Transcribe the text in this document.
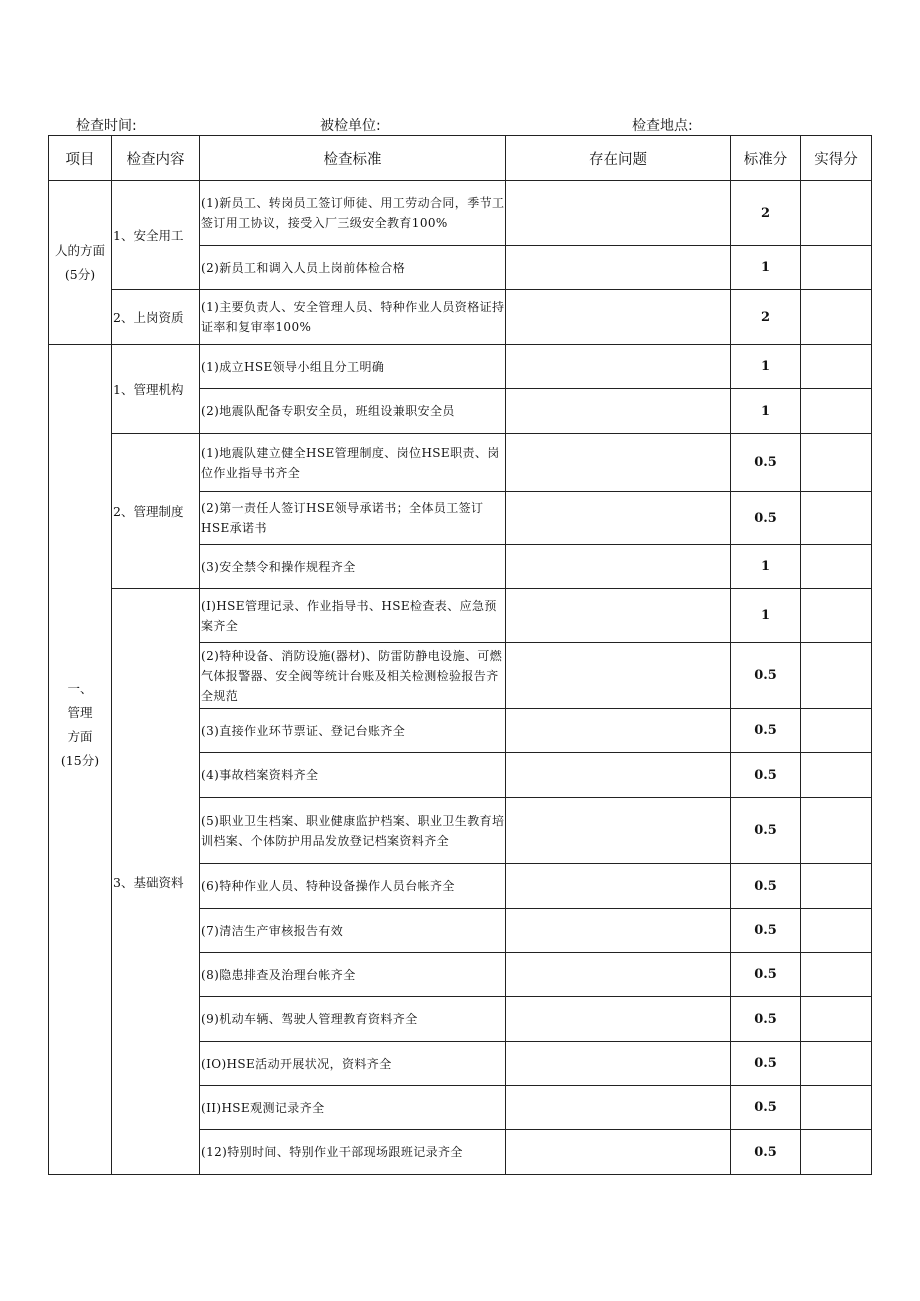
检查时间:	被检单位:	检查地点:
项目	检查内容	检查标准	存在问题	标准分	实得分

人的方面
(5分)	1、安全用工	(1)新员工、转岗员工签订师徒、用工劳动合同，季节工签订用工协议，接受入厂三级安全教育100%		2	
		(2)新员工和调入人员上岗前体检合格		1	
	2、上岗资质	(1)主要负责人、安全管理人员、特种作业人员资格证持证率和复审率100%		2	

一、
管理
方面
(15分)	1、管理机构	(1)成立HSE领导小组且分工明确		1	
		(2)地震队配备专职安全员，班组设兼职安全员		1	
	2、管理制度	(1)地震队建立健全HSE管理制度、岗位HSE职责、岗位作业指导书齐全		0.5	
		(2)第一责任人签订HSE领导承诺书；全体员工签订HSE承诺书		0.5	
		(3)安全禁令和操作规程齐全		1	
	3、基础资料	(I)HSE管理记录、作业指导书、HSE检查表、应急预案齐全		1	
		(2)特种设备、消防设施(器材)、防雷防静电设施、可燃气体报警器、安全阀等统计台账及相关检测检验报告齐全规范		0.5	
		(3)直接作业环节票证、登记台账齐全		0.5	
		(4)事故档案资料齐全		0.5	
		(5)职业卫生档案、职业健康监护档案、职业卫生教育培训档案、个体防护用品发放登记档案资料齐全		0.5	
		(6)特种作业人员、特种设备操作人员台帐齐全		0.5	
		(7)清洁生产审核报告有效		0.5	
		(8)隐患排查及治理台帐齐全		0.5	
		(9)机动车辆、驾驶人管理教育资料齐全		0.5	
		(IO)HSE活动开展状况，资料齐全		0.5	
		(II)HSE观测记录齐全		0.5	
		(12)特别时间、特别作业干部现场跟班记录齐全		0.5	
